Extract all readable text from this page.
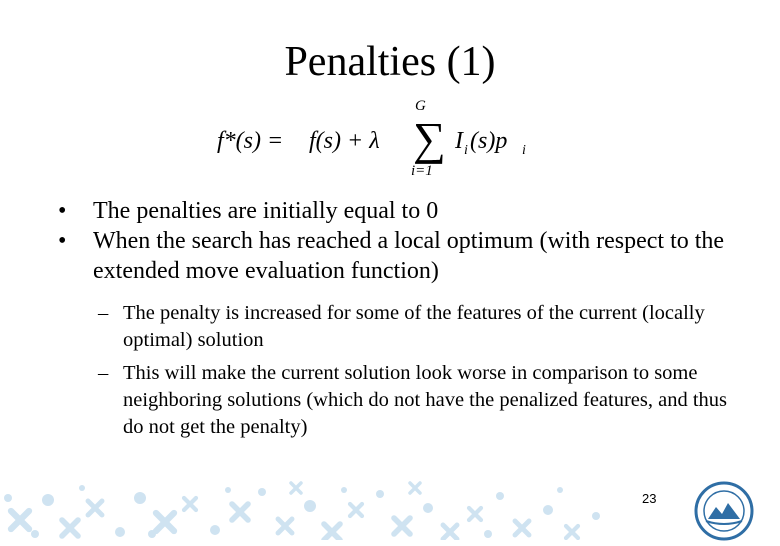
Penalties (1)
f*(s) = f(s) + λ
G
∑
i=1
I i (s)p i
• The penalties are initially equal to 0
• When the search has reached a local optimum (with respect to the extended move evaluation function)
– The penalty is increased for some of the features of the current (locally optimal) solution
– This will make the current solution look worse in comparison to some neighboring solutions (which do not have the penalized features, and thus do not get the penalty)
23
